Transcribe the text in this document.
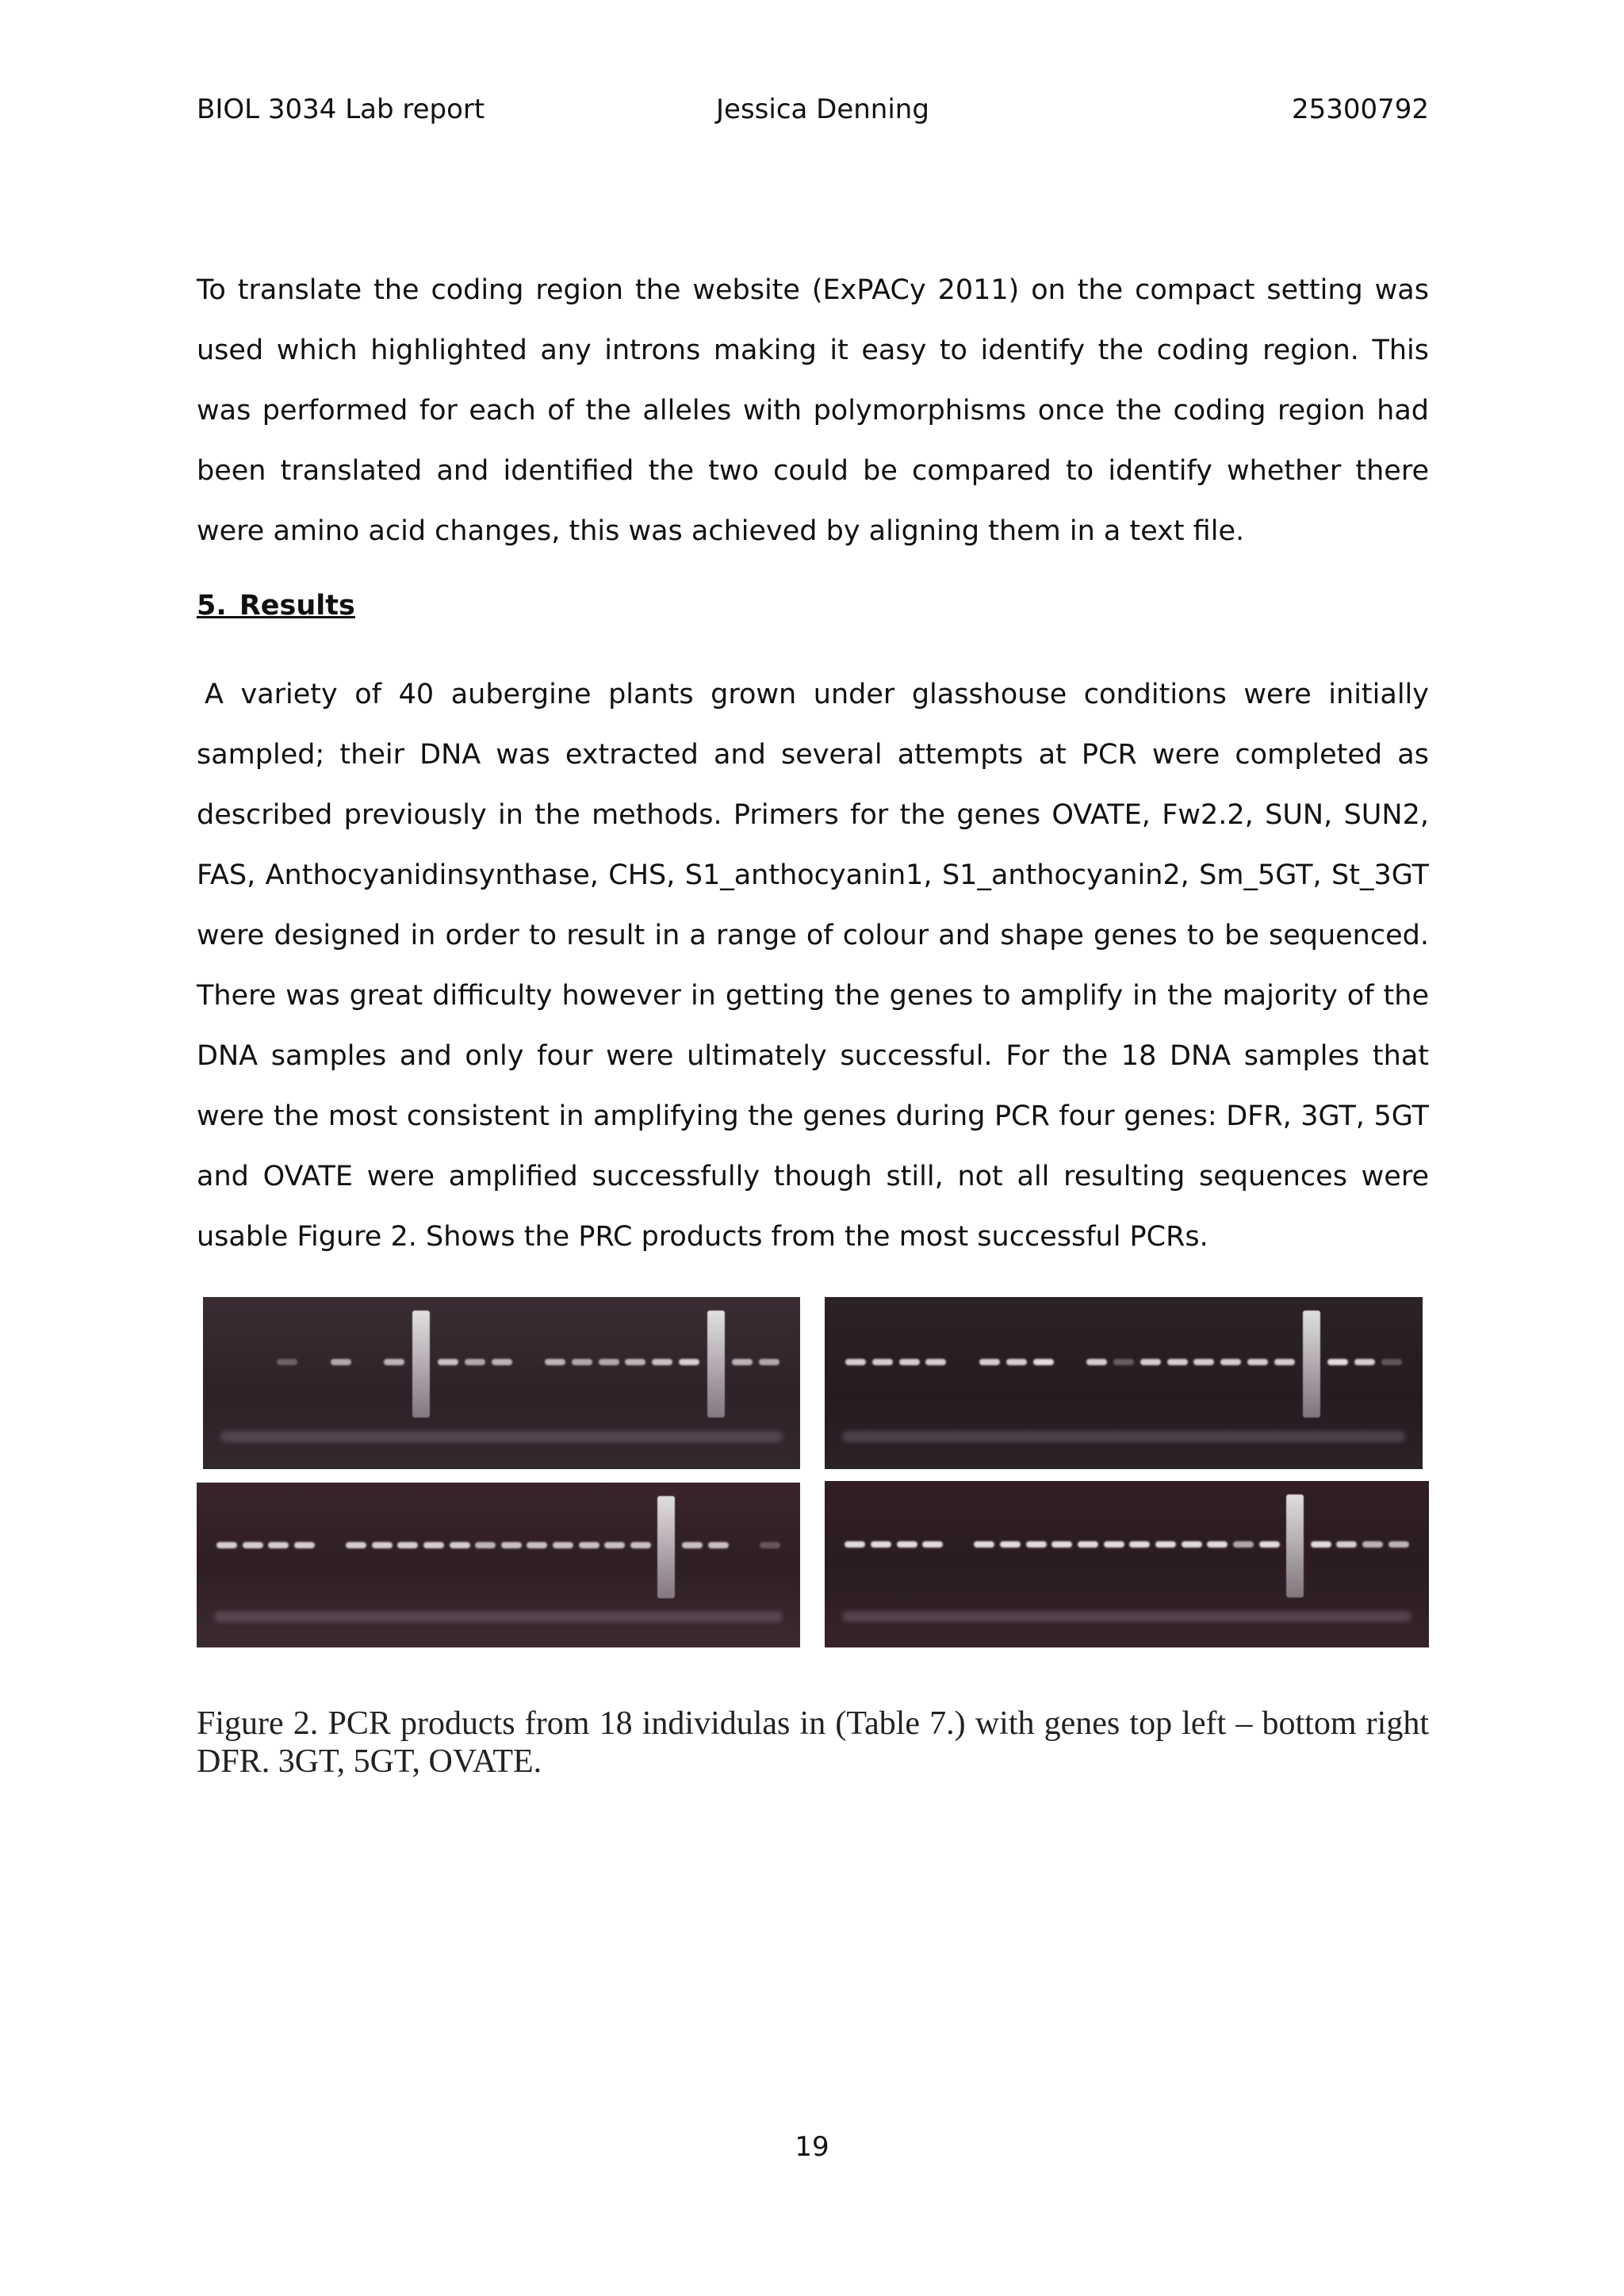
BIOL 3034 Lab report	Jessica Denning	25300792

To translate the coding region the website (ExPACy 2011) on the compact setting was used which highlighted any introns making it easy to identify the coding region. This was performed for each of the alleles with polymorphisms once the coding region had been translated and identified the two could be compared to identify whether there were amino acid changes, this was achieved by aligning them in a text file.

5. Results

A variety of 40 aubergine plants grown under glasshouse conditions were initially sampled; their DNA was extracted and several attempts at PCR were completed as described previously in the methods. Primers for the genes OVATE, Fw2.2, SUN, SUN2, FAS, Anthocyanidinsynthase, CHS, S1_anthocyanin1, S1_anthocyanin2, Sm_5GT, St_3GT were designed in order to result in a range of colour and shape genes to be sequenced. There was great difficulty however in getting the genes to amplify in the majority of the DNA samples and only four were ultimately successful. For the 18 DNA samples that were the most consistent in amplifying the genes during PCR four genes: DFR, 3GT, 5GT and OVATE were amplified successfully though still, not all resulting sequences were usable Figure 2. Shows the PRC products from the most successful PCRs.

Figure 2. PCR products from 18 individulas in (Table 7.) with genes top left – bottom right DFR. 3GT, 5GT, OVATE.

19
